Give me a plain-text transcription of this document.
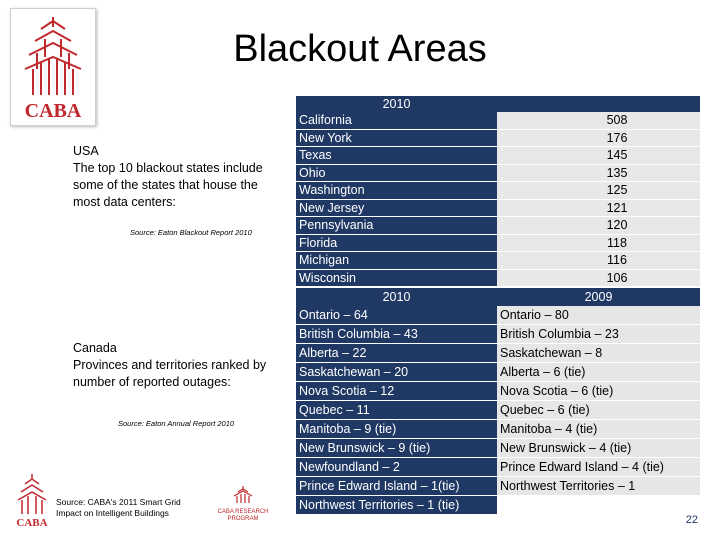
CABA
Blackout Areas
USA
The top 10 blackout states include some of the states that house the most data centers:
Source: Eaton Blackout Report 2010
Canada
Provinces and territories ranked by number of reported outages:
Source: Eaton Annual Report 2010
2010	
California	508
New York	176
Texas	145
Ohio	135
Washington	125
New Jersey	121
Pennsylvania	120
Florida	118
Michigan	116
Wisconsin	106
2010	2009
Ontario – 64	Ontario – 80
British Columbia – 43	British Columbia – 23
Alberta – 22	Saskatchewan – 8
Saskatchewan – 20	Alberta – 6 (tie)
Nova Scotia – 12	Nova Scotia – 6 (tie)
Quebec – 11	Quebec – 6 (tie)
Manitoba – 9 (tie)	Manitoba – 4 (tie)
New Brunswick – 9 (tie)	New Brunswick – 4 (tie)
Newfoundland – 2	Prince Edward Island – 4 (tie)
Prince Edward Island – 1(tie)	Northwest Territories – 1
Northwest Territories – 1 (tie)	
CABA
Source: CABA's 2011 Smart Grid Impact on Intelligent Buildings	CABA RESEARCH
PROGRAM	22
